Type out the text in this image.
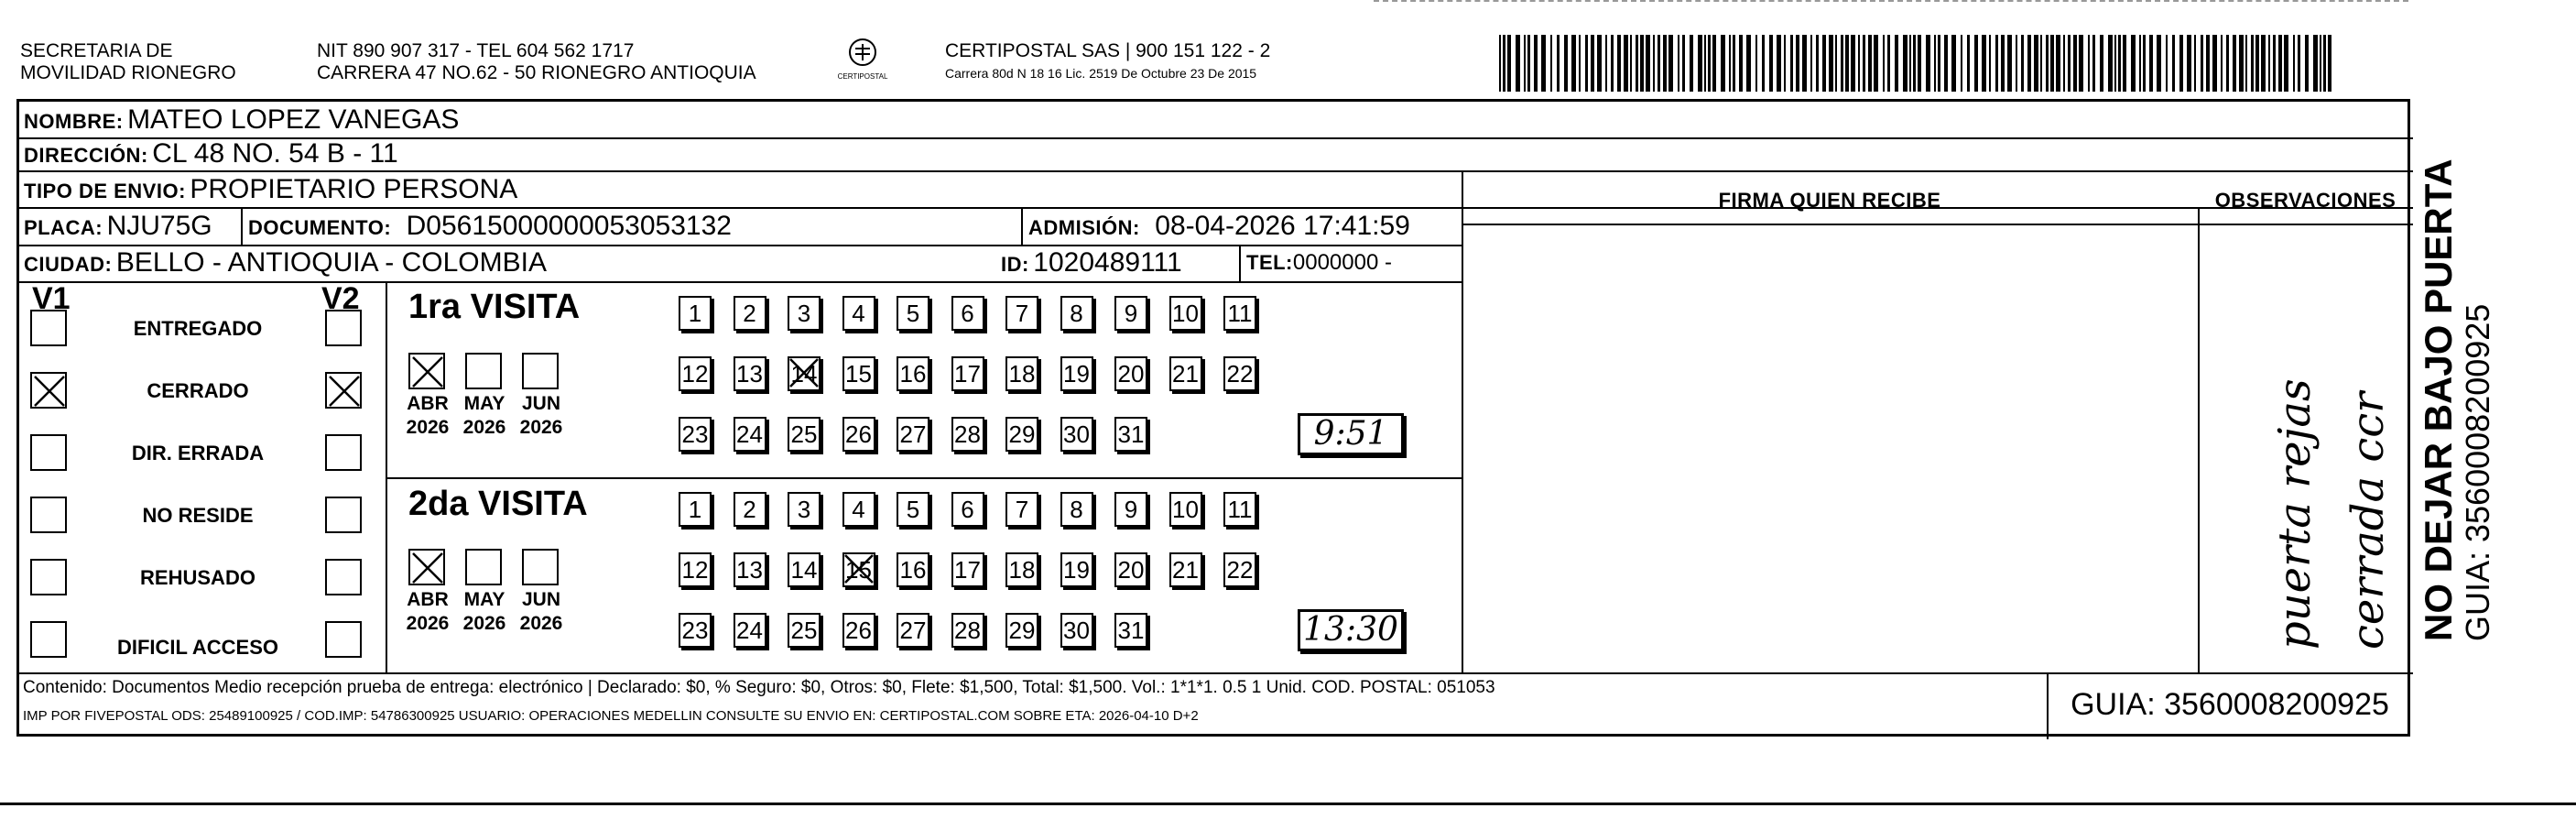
SECRETARIA DE
MOVILIDAD RIONEGRO
NIT 890 907 317 - TEL 604 562 1717
CARRERA 47 NO.62 - 50 RIONEGRO ANTIOQUIA	CERTIPOSTAL
CERTIPOSTAL SAS | 900 151 122 - 2
Carrera 80d N 18 16 Lic. 2519 De Octubre 23 De 2015
NOMBRE: MATEO LOPEZ VANEGAS
DIRECCIÓN: CL 48 NO. 54 B - 11
TIPO DE ENVIO: PROPIETARIO PERSONA
PLACA: NJU75G DOCUMENTO: D05615000000053053132	ADMISIÓN: 08-04-2026 17:41:59
CIUDAD: BELLO - ANTIOQUIA - COLOMBIA	ID: 1020489111	TEL:0000000 -
FIRMA QUIEN RECIBE	OBSERVACIONES
puerta rejas cerrada ccr
V1	V2
ENTREGADO
CERRADO
DIR. ERRADA
NO RESIDE
REHUSADO
DIFICIL ACCESO
1ra VISITA
ABR
2026
MAY
2026
JUN
2026
1	2	3	4	5	6	7	8	9	10 11
12 13 14 15 16 17 18 19 20 21 22
23 24 25 26 27 28 29 30 31	9:51
2da VISITA
ABR
2026
MAY
2026
JUN
2026
1	2	3	4	5	6	7	8	9	10 11
12 13 14 15 16 17 18 19 20 21 22
23 24 25 26 27 28 29 30 31	13:30
Contenido: Documentos Medio recepción prueba de entrega: electrónico | Declarado: $0, % Seguro: $0, Otros: $0, Flete: $1,500, Total: $1,500. Vol.: 1*1*1. 0.5 1 Unid. COD. POSTAL: 051053
IMP POR FIVEPOSTAL ODS: 25489100925 / COD.IMP: 54786300925 USUARIO: OPERACIONES MEDELLIN CONSULTE SU ENVIO EN: CERTIPOSTAL.COM SOBRE ETA: 2026-04-10 D+2	GUIA: 3560008200925
NO DEJAR BAJO PUERTA GUIA: 3560008200925
